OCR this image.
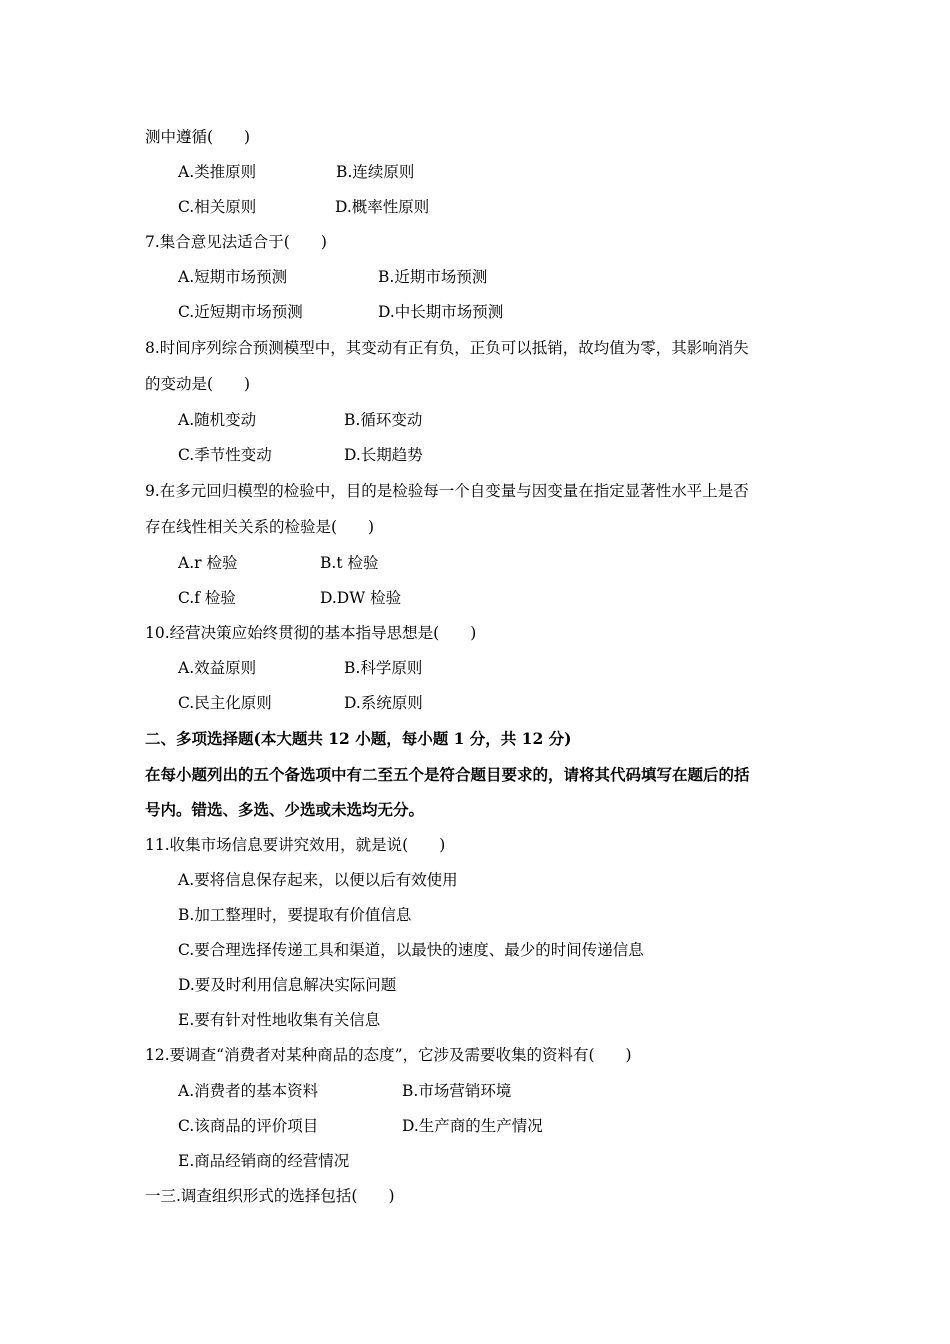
测中遵循(　　)

A.类推原则	B.连续原则
C.相关原则	D.概率性原则

7.集合意见法适合于(　　)

A.短期市场预测	B.近期市场预测
C.近短期市场预测	D.中长期市场预测

8.时间序列综合预测模型中，其变动有正有负，正负可以抵销，故均值为零，其影响消失

的变动是(　　)

A.随机变动	B.循环变动
C.季节性变动	D.长期趋势

9.在多元回归模型的检验中，目的是检验每一个自变量与因变量在指定显著性水平上是否

存在线性相关关系的检验是(　　)

A.r 检验	B.t 检验
C.f 检验	D.DW 检验

10.经营决策应始终贯彻的基本指导思想是(　　)

A.效益原则	B.科学原则
C.民主化原则	D.系统原则

二、多项选择题(本大题共 12 小题，每小题 1 分，共 12 分)

在每小题列出的五个备选项中有二至五个是符合题目要求的，请将其代码填写在题后的括

号内。错选、多选、少选或未选均无分。

11.收集市场信息要讲究效用，就是说(　　)

A.要将信息保存起来，以便以后有效使用

B.加工整理时，要提取有价值信息

C.要合理选择传递工具和渠道，以最快的速度、最少的时间传递信息

D.要及时利用信息解决实际问题

E.要有针对性地收集有关信息

12.要调查“消费者对某种商品的态度”，它涉及需要收集的资料有(　　)

A.消费者的基本资料	B.市场营销环境
C.该商品的评价项目	D.生产商的生产情况

E.商品经销商的经营情况

一三.调查组织形式的选择包括(　　)
